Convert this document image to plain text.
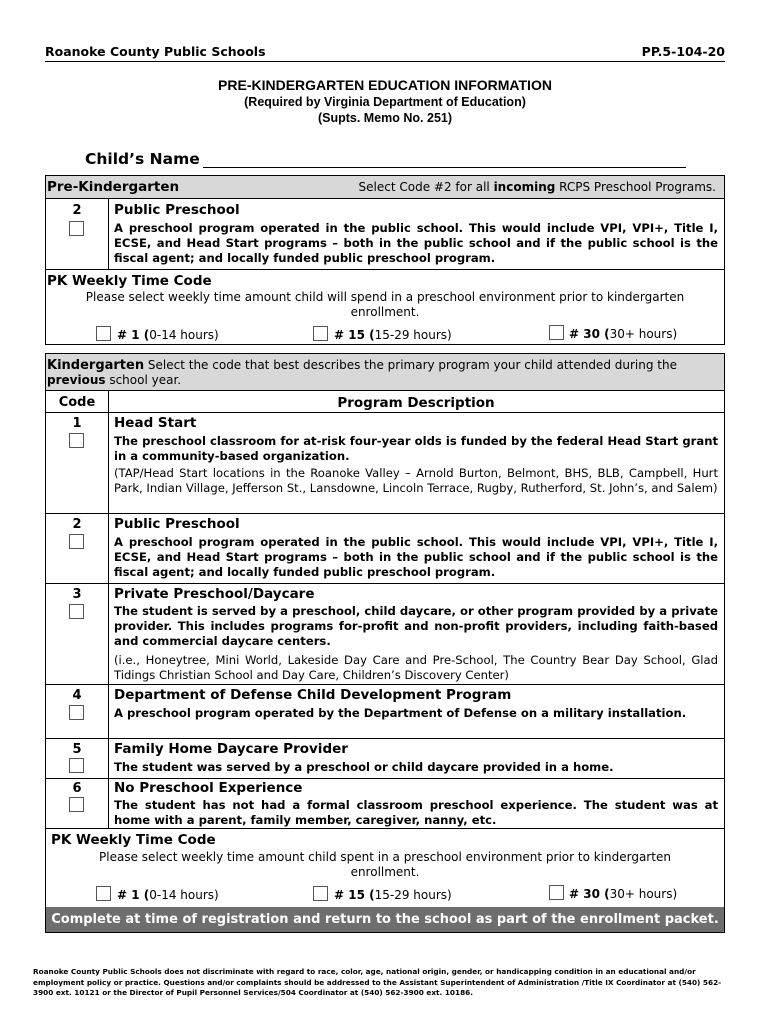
Roanoke County Public Schools	PP.5-104-20
PRE-KINDERGARTEN EDUCATION INFORMATION
(Required by Virginia Department of Education)
(Supts. Memo No. 251)
Child’s Name
Pre-Kindergarten	Select Code #2 for all incoming RCPS Preschool Programs.
2	Public Preschool
A preschool program operated in the public school. This would include VPI, VPI+, Title I, ECSE, and Head Start programs – both in the public school and if the public school is the fiscal agent; and locally funded public preschool program.
PK Weekly Time Code
Please select weekly time amount child will spend in a preschool environment prior to kindergarten enrollment.
# 1 (0-14 hours)	# 15 (15-29 hours)	# 30 (30+ hours)
Kindergarten Select the code that best describes the primary program your child attended during the previous school year.
Code	Program Description
1	Head Start
The preschool classroom for at-risk four-year olds is funded by the federal Head Start grant in a community-based organization.
(TAP/Head Start locations in the Roanoke Valley – Arnold Burton, Belmont, BHS, BLB, Campbell, Hurt Park, Indian Village, Jefferson St., Lansdowne, Lincoln Terrace, Rugby, Rutherford, St. John’s, and Salem)
2	Public Preschool
A preschool program operated in the public school. This would include VPI, VPI+, Title I, ECSE, and Head Start programs – both in the public school and if the public school is the fiscal agent; and locally funded public preschool program.
3	Private Preschool/Daycare
The student is served by a preschool, child daycare, or other program provided by a private provider. This includes programs for-profit and non-profit providers, including faith-based and commercial daycare centers.
(i.e., Honeytree, Mini World, Lakeside Day Care and Pre-School, The Country Bear Day School, Glad Tidings Christian School and Day Care, Children’s Discovery Center)
4	Department of Defense Child Development Program
A preschool program operated by the Department of Defense on a military installation.
5	Family Home Daycare Provider
The student was served by a preschool or child daycare provided in a home.
6	No Preschool Experience
The student has not had a formal classroom preschool experience. The student was at home with a parent, family member, caregiver, nanny, etc.
PK Weekly Time Code
Please select weekly time amount child spent in a preschool environment prior to kindergarten enrollment.
# 1 (0-14 hours)	# 15 (15-29 hours)	# 30 (30+ hours)
Complete at time of registration and return to the school as part of the enrollment packet.
Roanoke County Public Schools does not discriminate with regard to race, color, age, national origin, gender, or handicapping condition in an educational and/or employment policy or practice. Questions and/or complaints should be addressed to the Assistant Superintendent of Administration /Title IX Coordinator at (540) 562-3900 ext. 10121 or the Director of Pupil Personnel Services/504 Coordinator at (540) 562-3900 ext. 10186.
